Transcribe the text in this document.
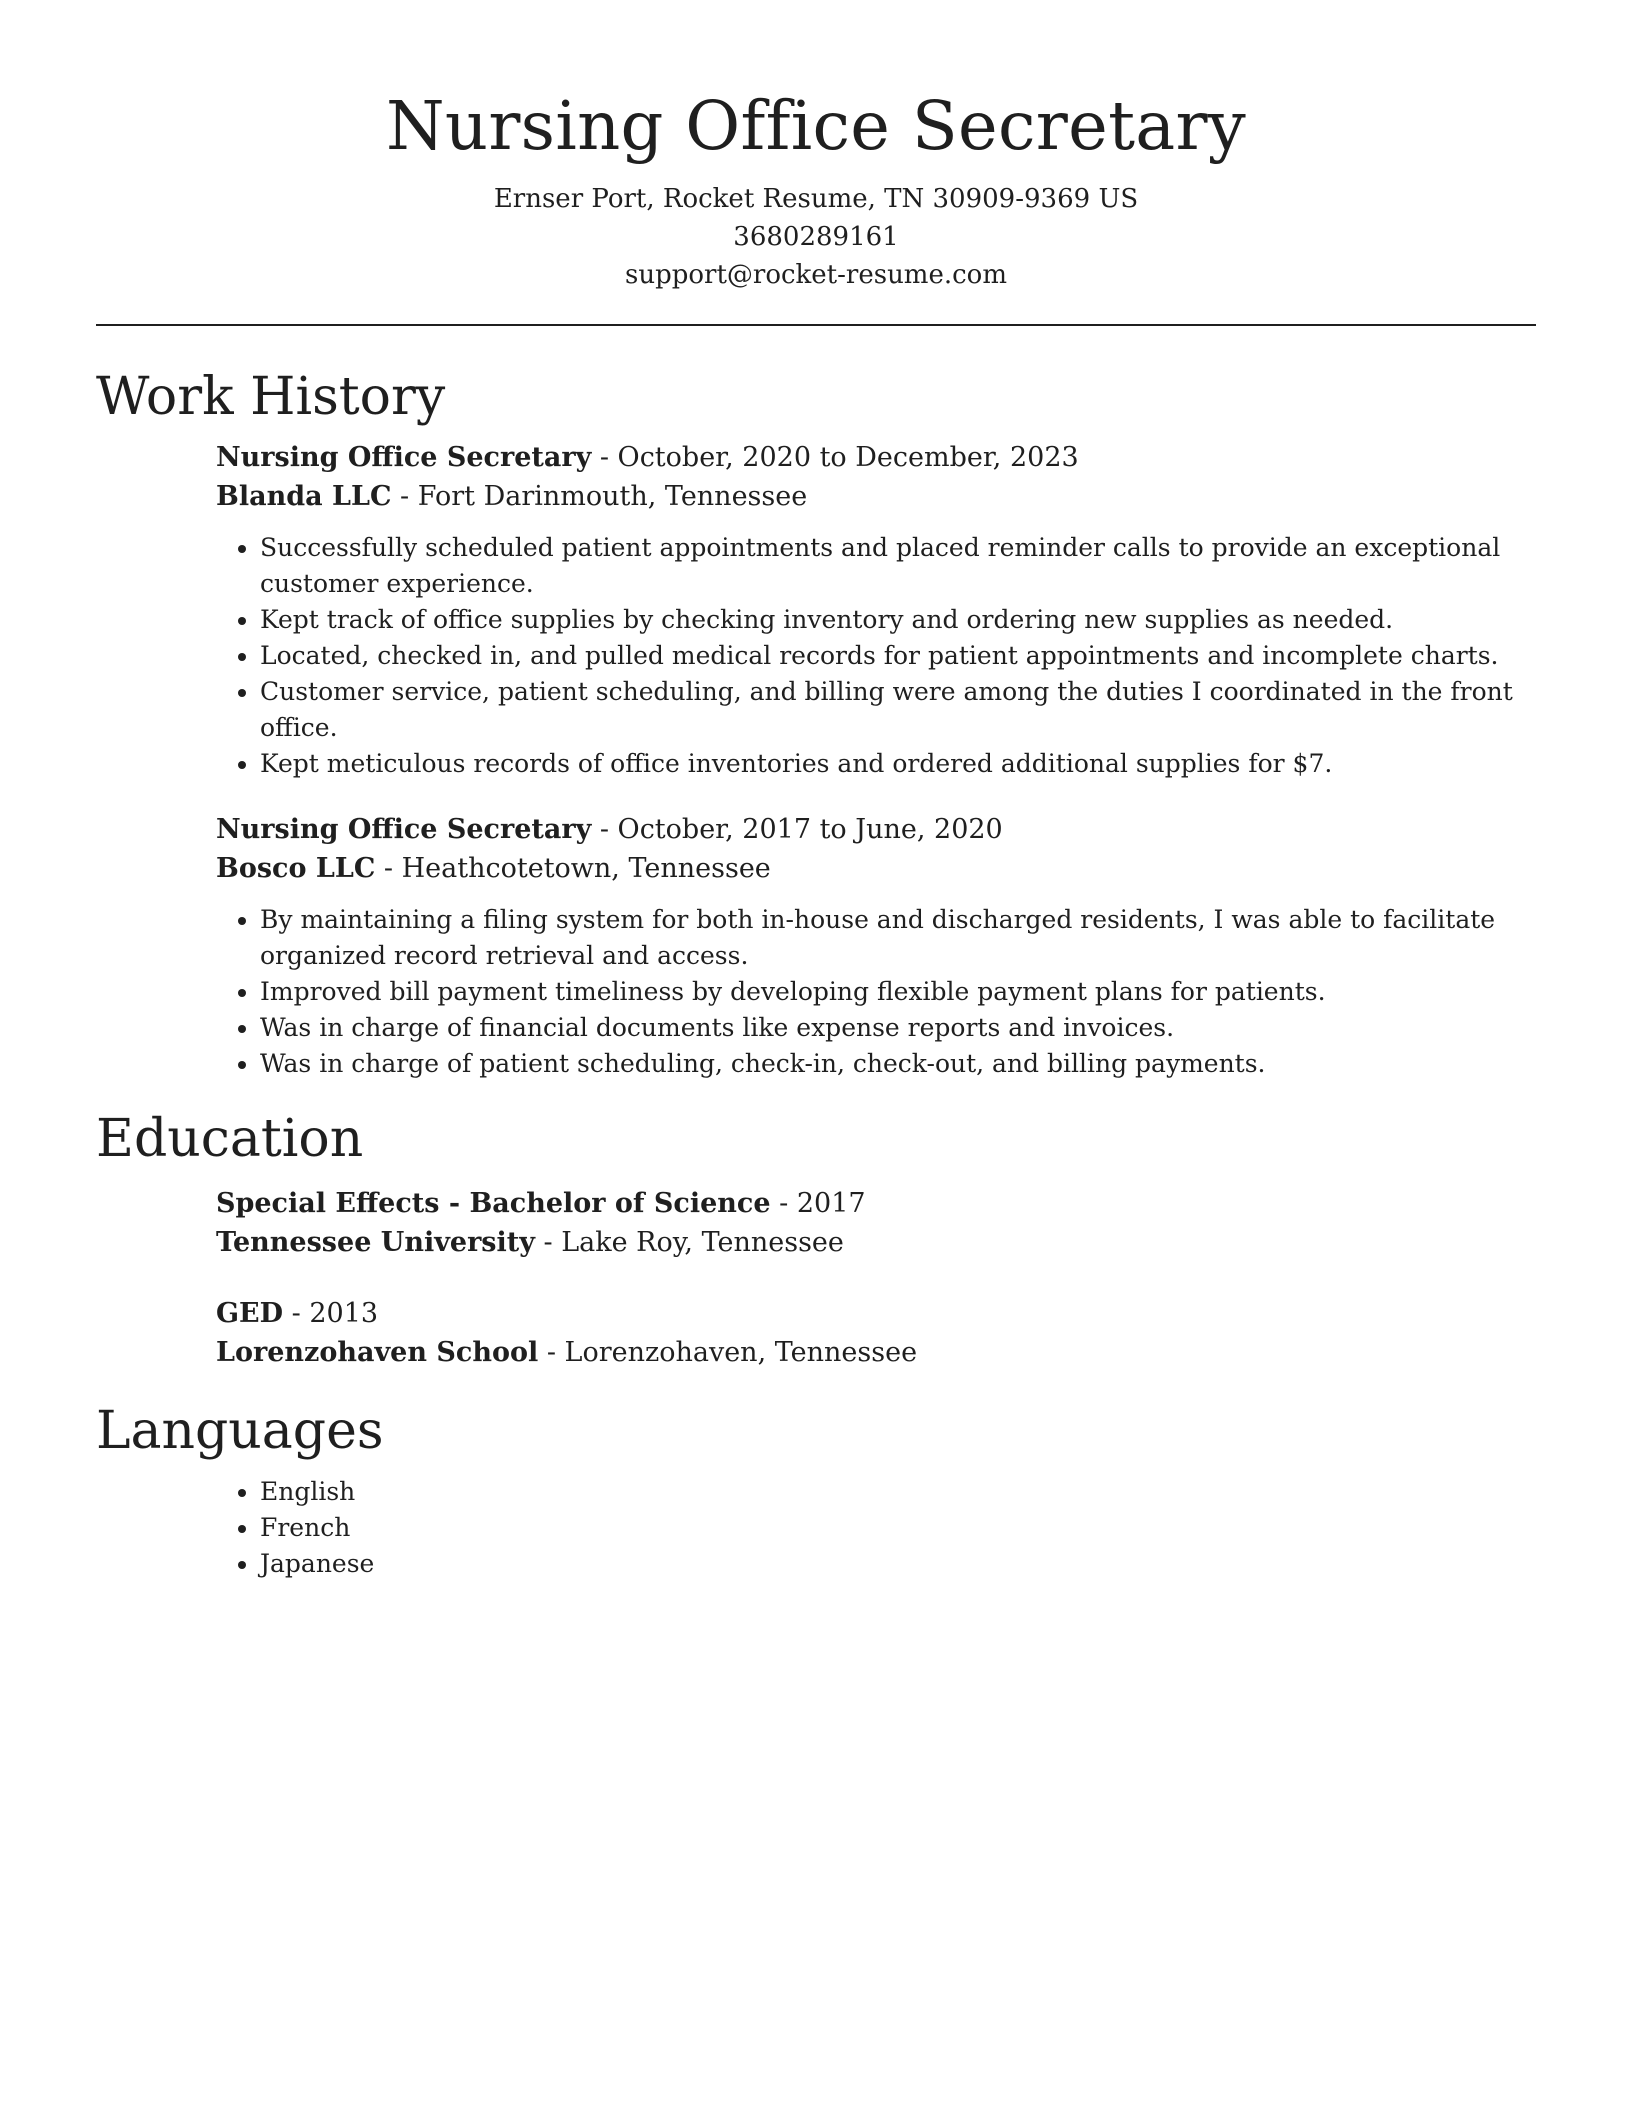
Nursing Office Secretary
Ernser Port, Rocket Resume, TN 30909-9369 US
3680289161
support@rocket-resume.com
Work History
Nursing Office Secretary - October, 2020 to December, 2023
Blanda LLC - Fort Darinmouth, Tennessee
• Successfully scheduled patient appointments and placed reminder calls to provide an exceptional customer experience.
• Kept track of office supplies by checking inventory and ordering new supplies as needed.
• Located, checked in, and pulled medical records for patient appointments and incomplete charts.
• Customer service, patient scheduling, and billing were among the duties I coordinated in the front office.
• Kept meticulous records of office inventories and ordered additional supplies for $7.
Nursing Office Secretary - October, 2017 to June, 2020
Bosco LLC - Heathcotetown, Tennessee
• By maintaining a filing system for both in-house and discharged residents, I was able to facilitate organized record retrieval and access.
• Improved bill payment timeliness by developing flexible payment plans for patients.
• Was in charge of financial documents like expense reports and invoices.
• Was in charge of patient scheduling, check-in, check-out, and billing payments.
Education
Special Effects - Bachelor of Science - 2017
Tennessee University - Lake Roy, Tennessee
GED - 2013
Lorenzohaven School - Lorenzohaven, Tennessee
Languages
• English
• French
• Japanese
